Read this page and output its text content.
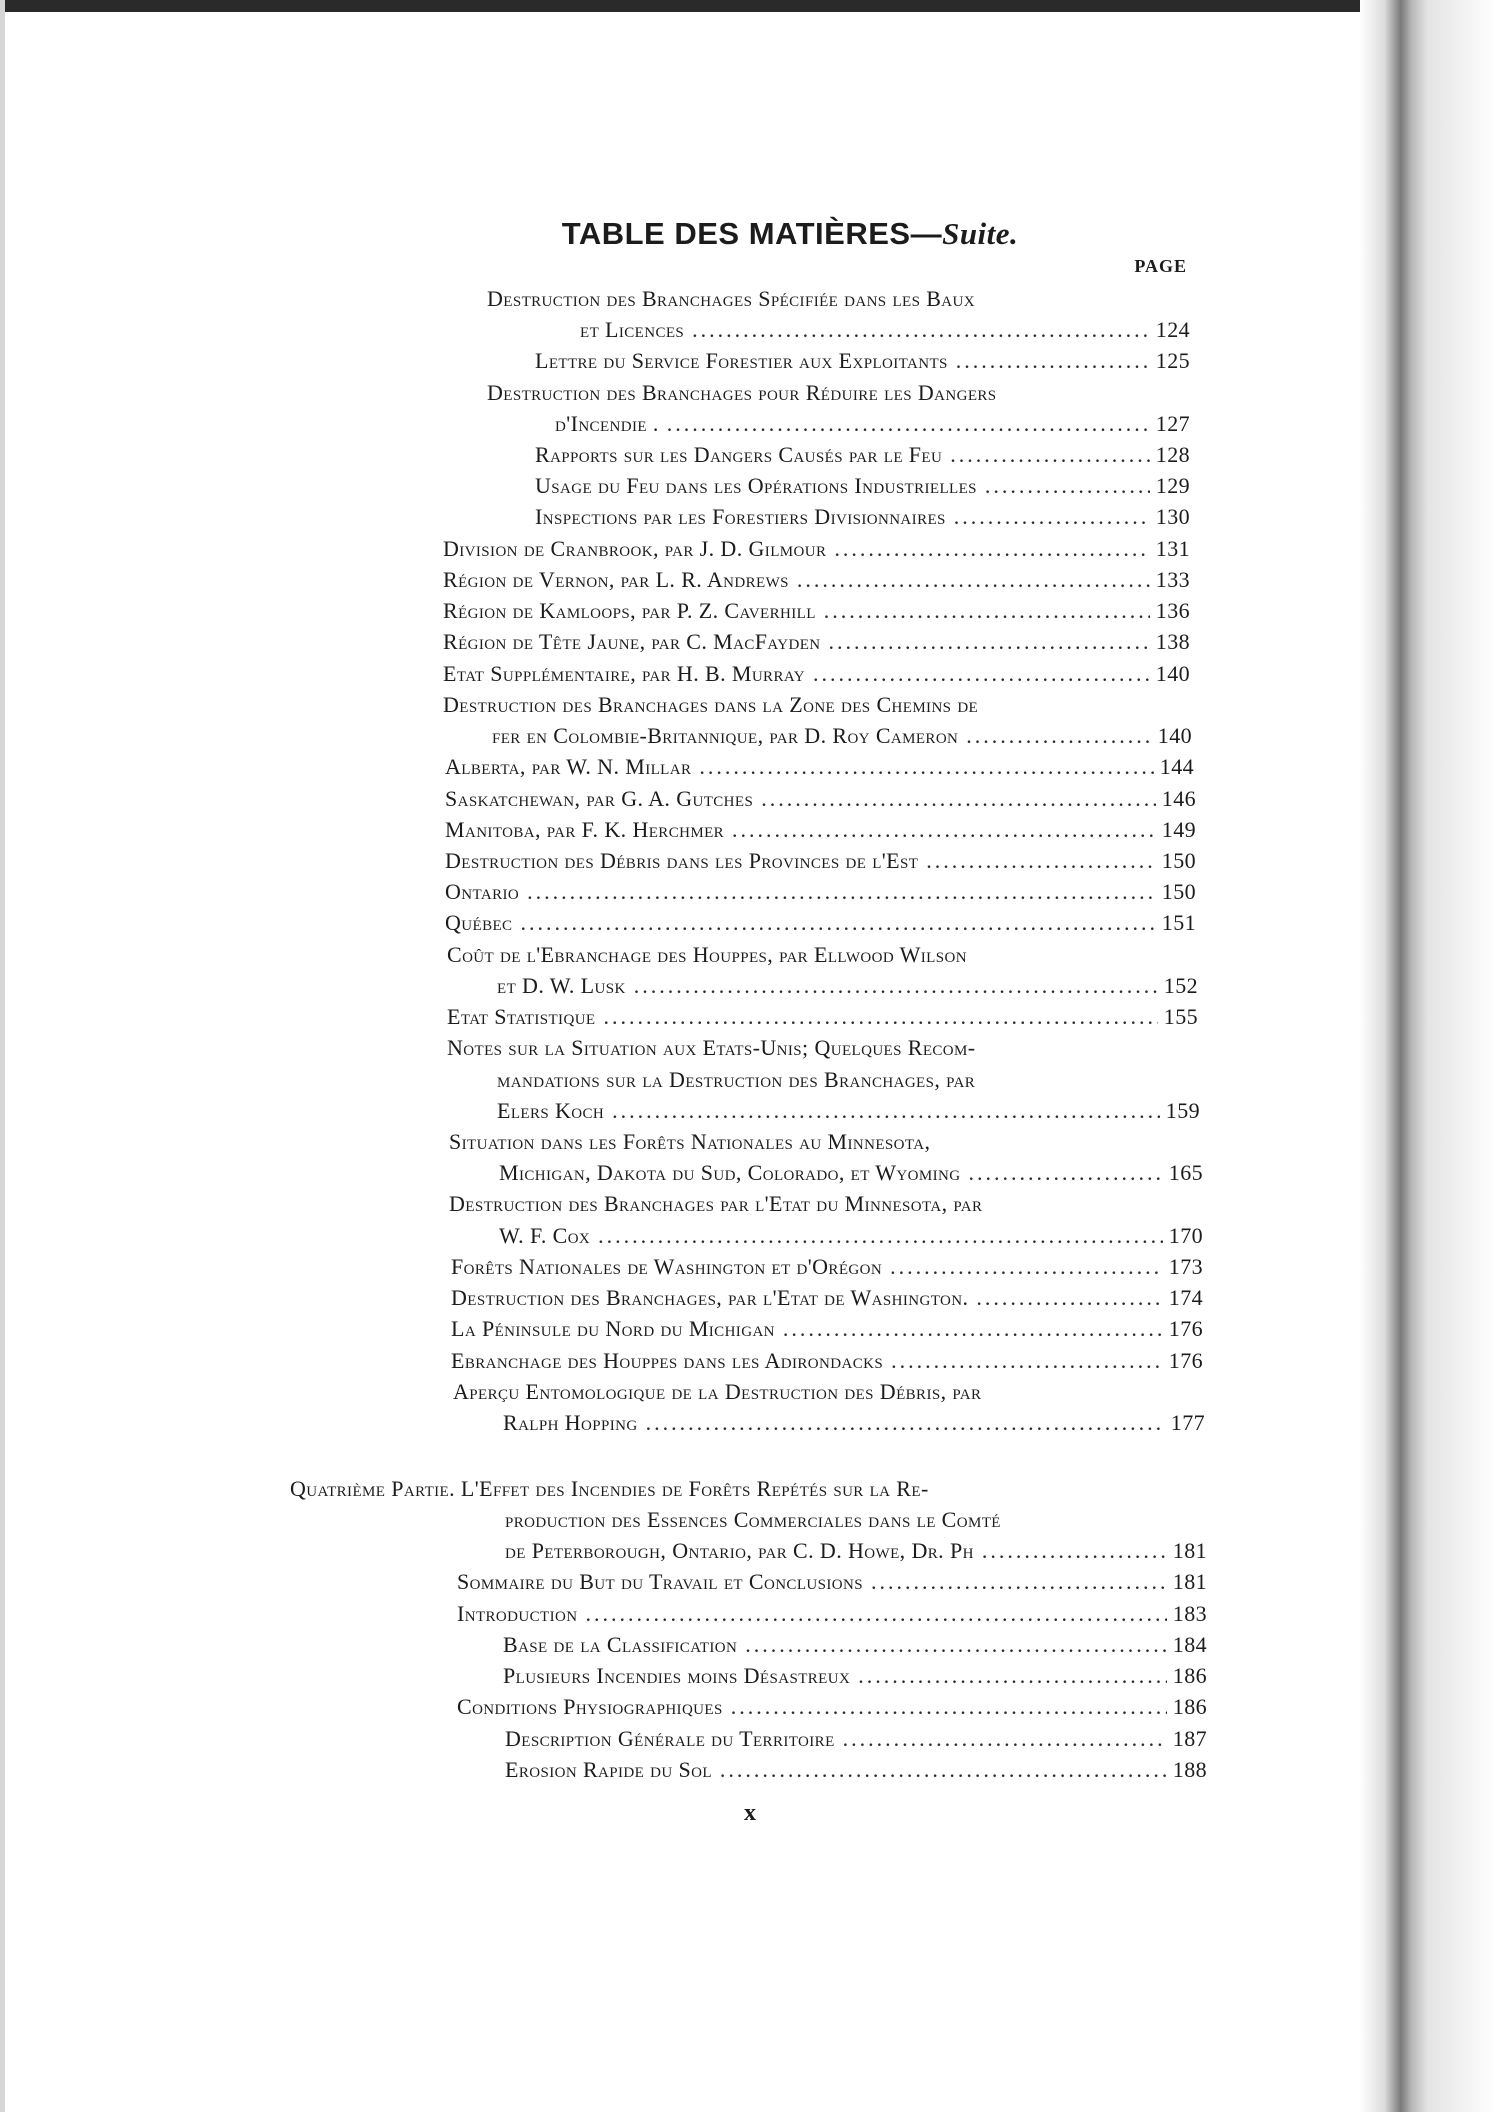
TABLE DES MATIÈRES—Suite.
PAGE
Destruction des Branchages Spécifiée dans les Baux
et Licences .....	124
Lettre du Service Forestier aux Exploitants .....	125
Destruction des Branchages pour Réduire les Dangers
d'Incendie . .....	127
Rapports sur les Dangers Causés par le Feu .....	128
Usage du Feu dans les Opérations Industrielles .....	129
Inspections par les Forestiers Divisionnaires .....	130
Division de Cranbrook, par J. D. Gilmour .....	131
Région de Vernon, par L. R. Andrews .....	133
Région de Kamloops, par P. Z. Caverhill .....	136
Région de Tête Jaune, par C. MacFayden .....	138
Etat Supplémentaire, par H. B. Murray .....	140
Destruction des Branchages dans la Zone des Chemins de
fer en Colombie-Britannique, par D. Roy Cameron .....	140
Alberta, par W. N. Millar .....	144
Saskatchewan, par G. A. Gutches .....	146
Manitoba, par F. K. Herchmer .....	149
Destruction des Débris dans les Provinces de l'Est .....	150
Ontario .....	150
Québec .....	151
Coût de l'Ebranchage des Houppes, par Ellwood Wilson
et D. W. Lusk .....	152
Etat Statistique .....	155
Notes sur la Situation aux Etats-Unis; Quelques Recom-
mandations sur la Destruction des Branchages, par
Elers Koch .....	159
Situation dans les Forêts Nationales au Minnesota,
Michigan, Dakota du Sud, Colorado, et Wyoming .....	165
Destruction des Branchages par l'Etat du Minnesota, par
W. F. Cox .....	170
Forêts Nationales de Washington et d'Orégon .....	173
Destruction des Branchages, par l'Etat de Washington. .....	174
La Péninsule du Nord du Michigan .....	176
Ebranchage des Houppes dans les Adirondacks .....	176
Aperçu Entomologique de la Destruction des Débris, par
Ralph Hopping .....	177
Quatrième Partie. L'Effet des Incendies de Forêts Repétés sur la Re-
production des Essences Commerciales dans le Comté
de Peterborough, Ontario, par C. D. Howe, Dr. Ph .....	181
Sommaire du But du Travail et Conclusions .....	181
Introduction .....	183
Base de la Classification .....	184
Plusieurs Incendies moins Désastreux .....	186
Conditions Physiographiques .....	186
Description Générale du Territoire .....	187
Erosion Rapide du Sol .....	188
x
